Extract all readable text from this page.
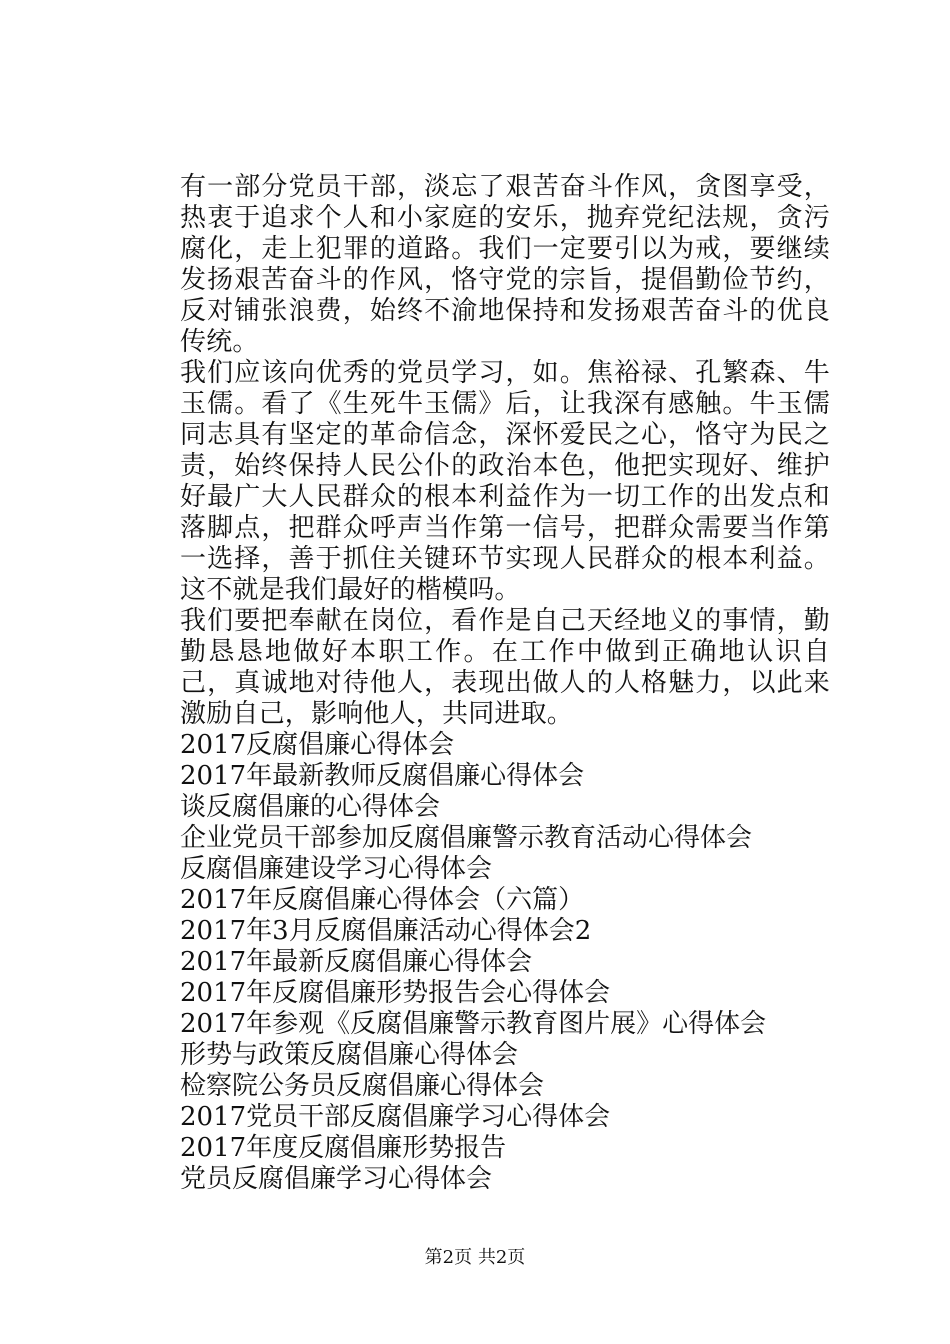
有一部分党员干部，淡忘了艰苦奋斗作风，贪图享受，热衷于追求个人和小家庭的安乐，抛弃党纪法规，贪污腐化，走上犯罪的道路。我们一定要引以为戒，要继续发扬艰苦奋斗的作风，恪守党的宗旨，提倡勤俭节约，反对铺张浪费，始终不渝地保持和发扬艰苦奋斗的优良传统。

我们应该向优秀的党员学习，如。焦裕禄、孔繁森、牛玉儒。看了《生死牛玉儒》后，让我深有感触。牛玉儒同志具有坚定的革命信念，深怀爱民之心，恪守为民之责，始终保持人民公仆的政治本色，他把实现好、维护好最广大人民群众的根本利益作为一切工作的出发点和落脚点，把群众呼声当作第一信号，把群众需要当作第一选择，善于抓住关键环节实现人民群众的根本利益。这不就是我们最好的楷模吗。

我们要把奉献在岗位，看作是自己天经地义的事情，勤勤恳恳地做好本职工作。在工作中做到正确地认识自己，真诚地对待他人，表现出做人的人格魅力，以此来激励自己，影响他人，共同进取。

2017反腐倡廉心得体会
2017年最新教师反腐倡廉心得体会
谈反腐倡廉的心得体会
企业党员干部参加反腐倡廉警示教育活动心得体会
反腐倡廉建设学习心得体会
2017年反腐倡廉心得体会（六篇）
2017年3月反腐倡廉活动心得体会2
2017年最新反腐倡廉心得体会
2017年反腐倡廉形势报告会心得体会
2017年参观《反腐倡廉警示教育图片展》心得体会
形势与政策反腐倡廉心得体会
检察院公务员反腐倡廉心得体会
2017党员干部反腐倡廉学习心得体会
2017年度反腐倡廉形势报告
党员反腐倡廉学习心得体会
第2页 共2页
